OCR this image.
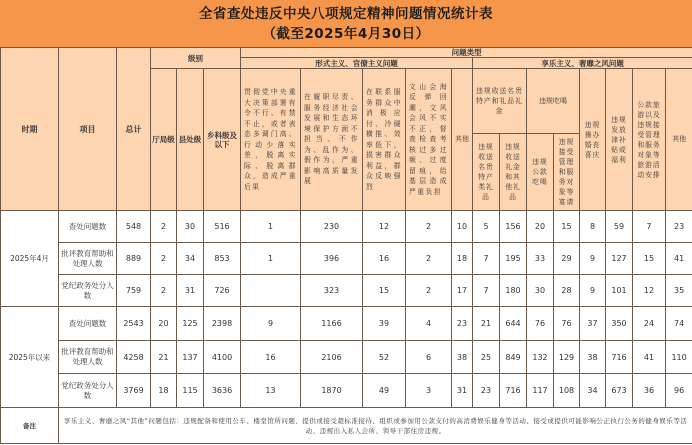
全省查处违反中央八项规定精神问题情况统计表
（截至2025年4月30日）
时期	项目	总计	级别			问题类型												
						形式主义、官僚主义问题					享乐主义、奢靡之风问题							
			厅局级	县处级	乡科级及以下	贯彻党中央重大决策部署有令不行、有禁不止，或者表态多调门高、行动少落实差，脱离实际、脱离群众，造成严重后果	在履职尽责、服务经济社会发展和生态环境保护方面不担当、不作为、乱作为、假作为，严重影响高质量发展	在联系服务群众中消极应付、冷硬横推、效率低下，损害群众利益，群众反映强烈	文山会海反弹回潮，文风会风不实不正，督查检查考核过多过频、过度留痕，给基层造成严重负担	其他	违规收送名贵特产和礼品礼金		违规吃喝		违规操办婚丧喜庆	违规发放津补贴或福利	公款旅游以及违规接受管理和服务对象等旅游活动安排	其他
											违规收送名贵特产类礼品	违规收送礼金和其他礼品	违规公款吃喝	违规接受管理和服务对象等宴请				
2025年4月	查处问题数	548	2	30	516	1	230	12	2	10	5	156	20	15	8	59	7	23
	批评教育帮助和处理人数	889	2	34	853	1	396	16	2	18	7	195	33	29	9	127	15	41
	党纪政务处分人数	759	2	31	726		323	15	2	17	7	180	30	28	9	101	12	35
2025年以来	查处问题数	2543	20	125	2398	9	1166	39	4	23	21	644	76	76	37	350	24	74
	批评教育帮助和处理人数	4258	21	137	4100	16	2106	52	6	38	25	849	132	129	38	716	41	110
	党纪政务处分人数	3769	18	115	3636	13	1870	49	3	31	23	716	117	108	34	673	36	96
备注	享乐主义、奢靡之风“其他”问题包括：违规配备和使用公车、楼堂馆所问题、提供或接受超标准接待、组织或参加用公款支付的高消费娱乐健身等活动、接受或提供可能影响公正执行公务的健身娱乐等活动、违规出入私人会所、领导干部住房违规。																	
